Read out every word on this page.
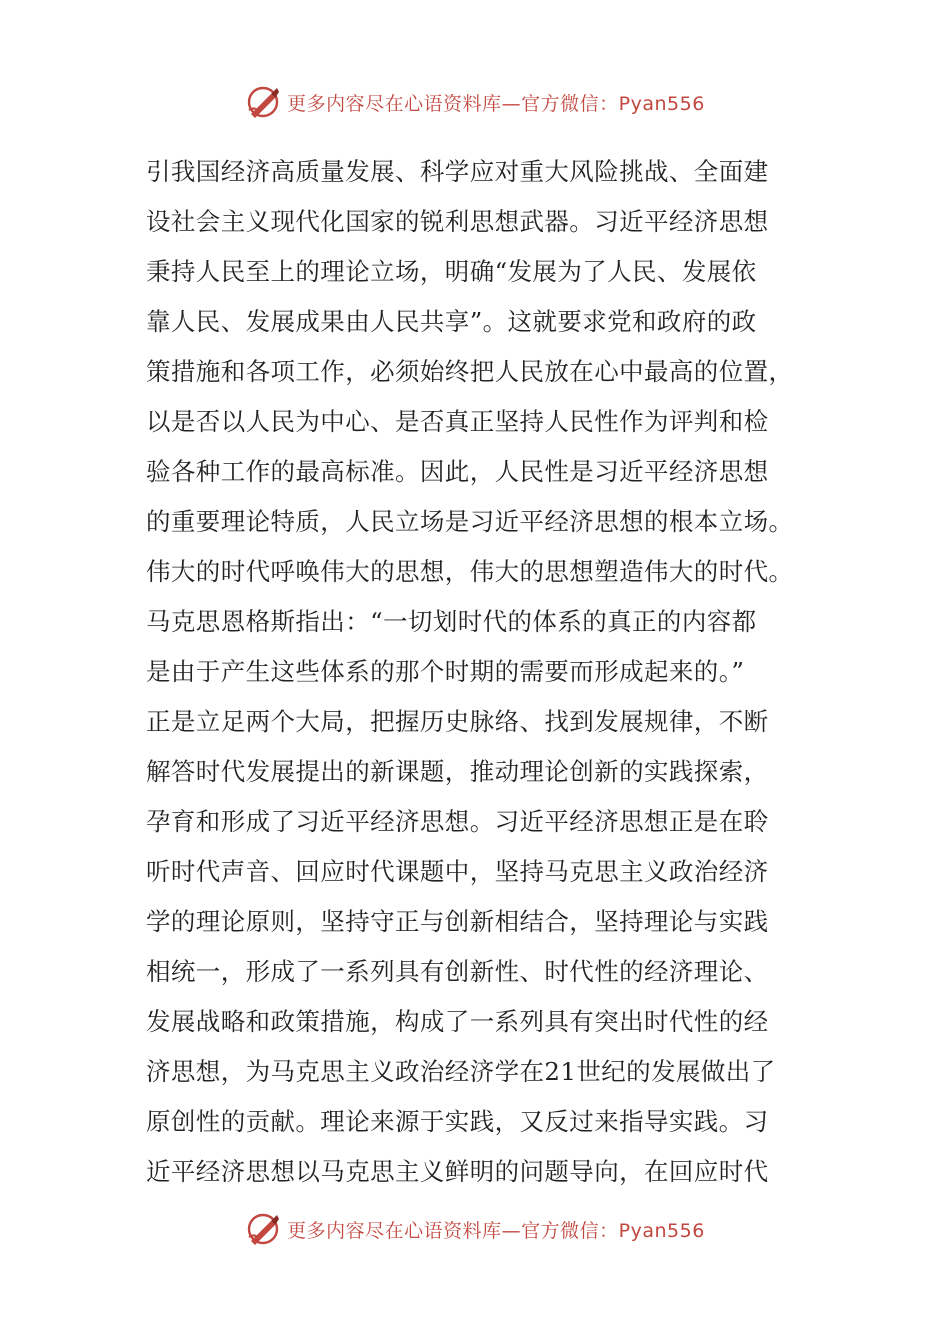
更多内容尽在心语资料库—官方微信：Pyan556
引我国经济高质量发展、科学应对重大风险挑战、全面建
设社会主义现代化国家的锐利思想武器。习近平经济思想
秉持人民至上的理论立场，明确“发展为了人民、发展依
靠人民、发展成果由人民共享”。这就要求党和政府的政
策措施和各项工作，必须始终把人民放在心中最高的位置，
以是否以人民为中心、是否真正坚持人民性作为评判和检
验各种工作的最高标准。因此，人民性是习近平经济思想
的重要理论特质，人民立场是习近平经济思想的根本立场。
伟大的时代呼唤伟大的思想，伟大的思想塑造伟大的时代。
马克思恩格斯指出：“一切划时代的体系的真正的内容都
是由于产生这些体系的那个时期的需要而形成起来的。”
正是立足两个大局，把握历史脉络、找到发展规律，不断
解答时代发展提出的新课题，推动理论创新的实践探索，
孕育和形成了习近平经济思想。习近平经济思想正是在聆
听时代声音、回应时代课题中，坚持马克思主义政治经济
学的理论原则，坚持守正与创新相结合，坚持理论与实践
相统一，形成了一系列具有创新性、时代性的经济理论、
发展战略和政策措施，构成了一系列具有突出时代性的经
济思想，为马克思主义政治经济学在21世纪的发展做出了
原创性的贡献。理论来源于实践，又反过来指导实践。习
近平经济思想以马克思主义鲜明的问题导向，在回应时代
更多内容尽在心语资料库—官方微信：Pyan556
